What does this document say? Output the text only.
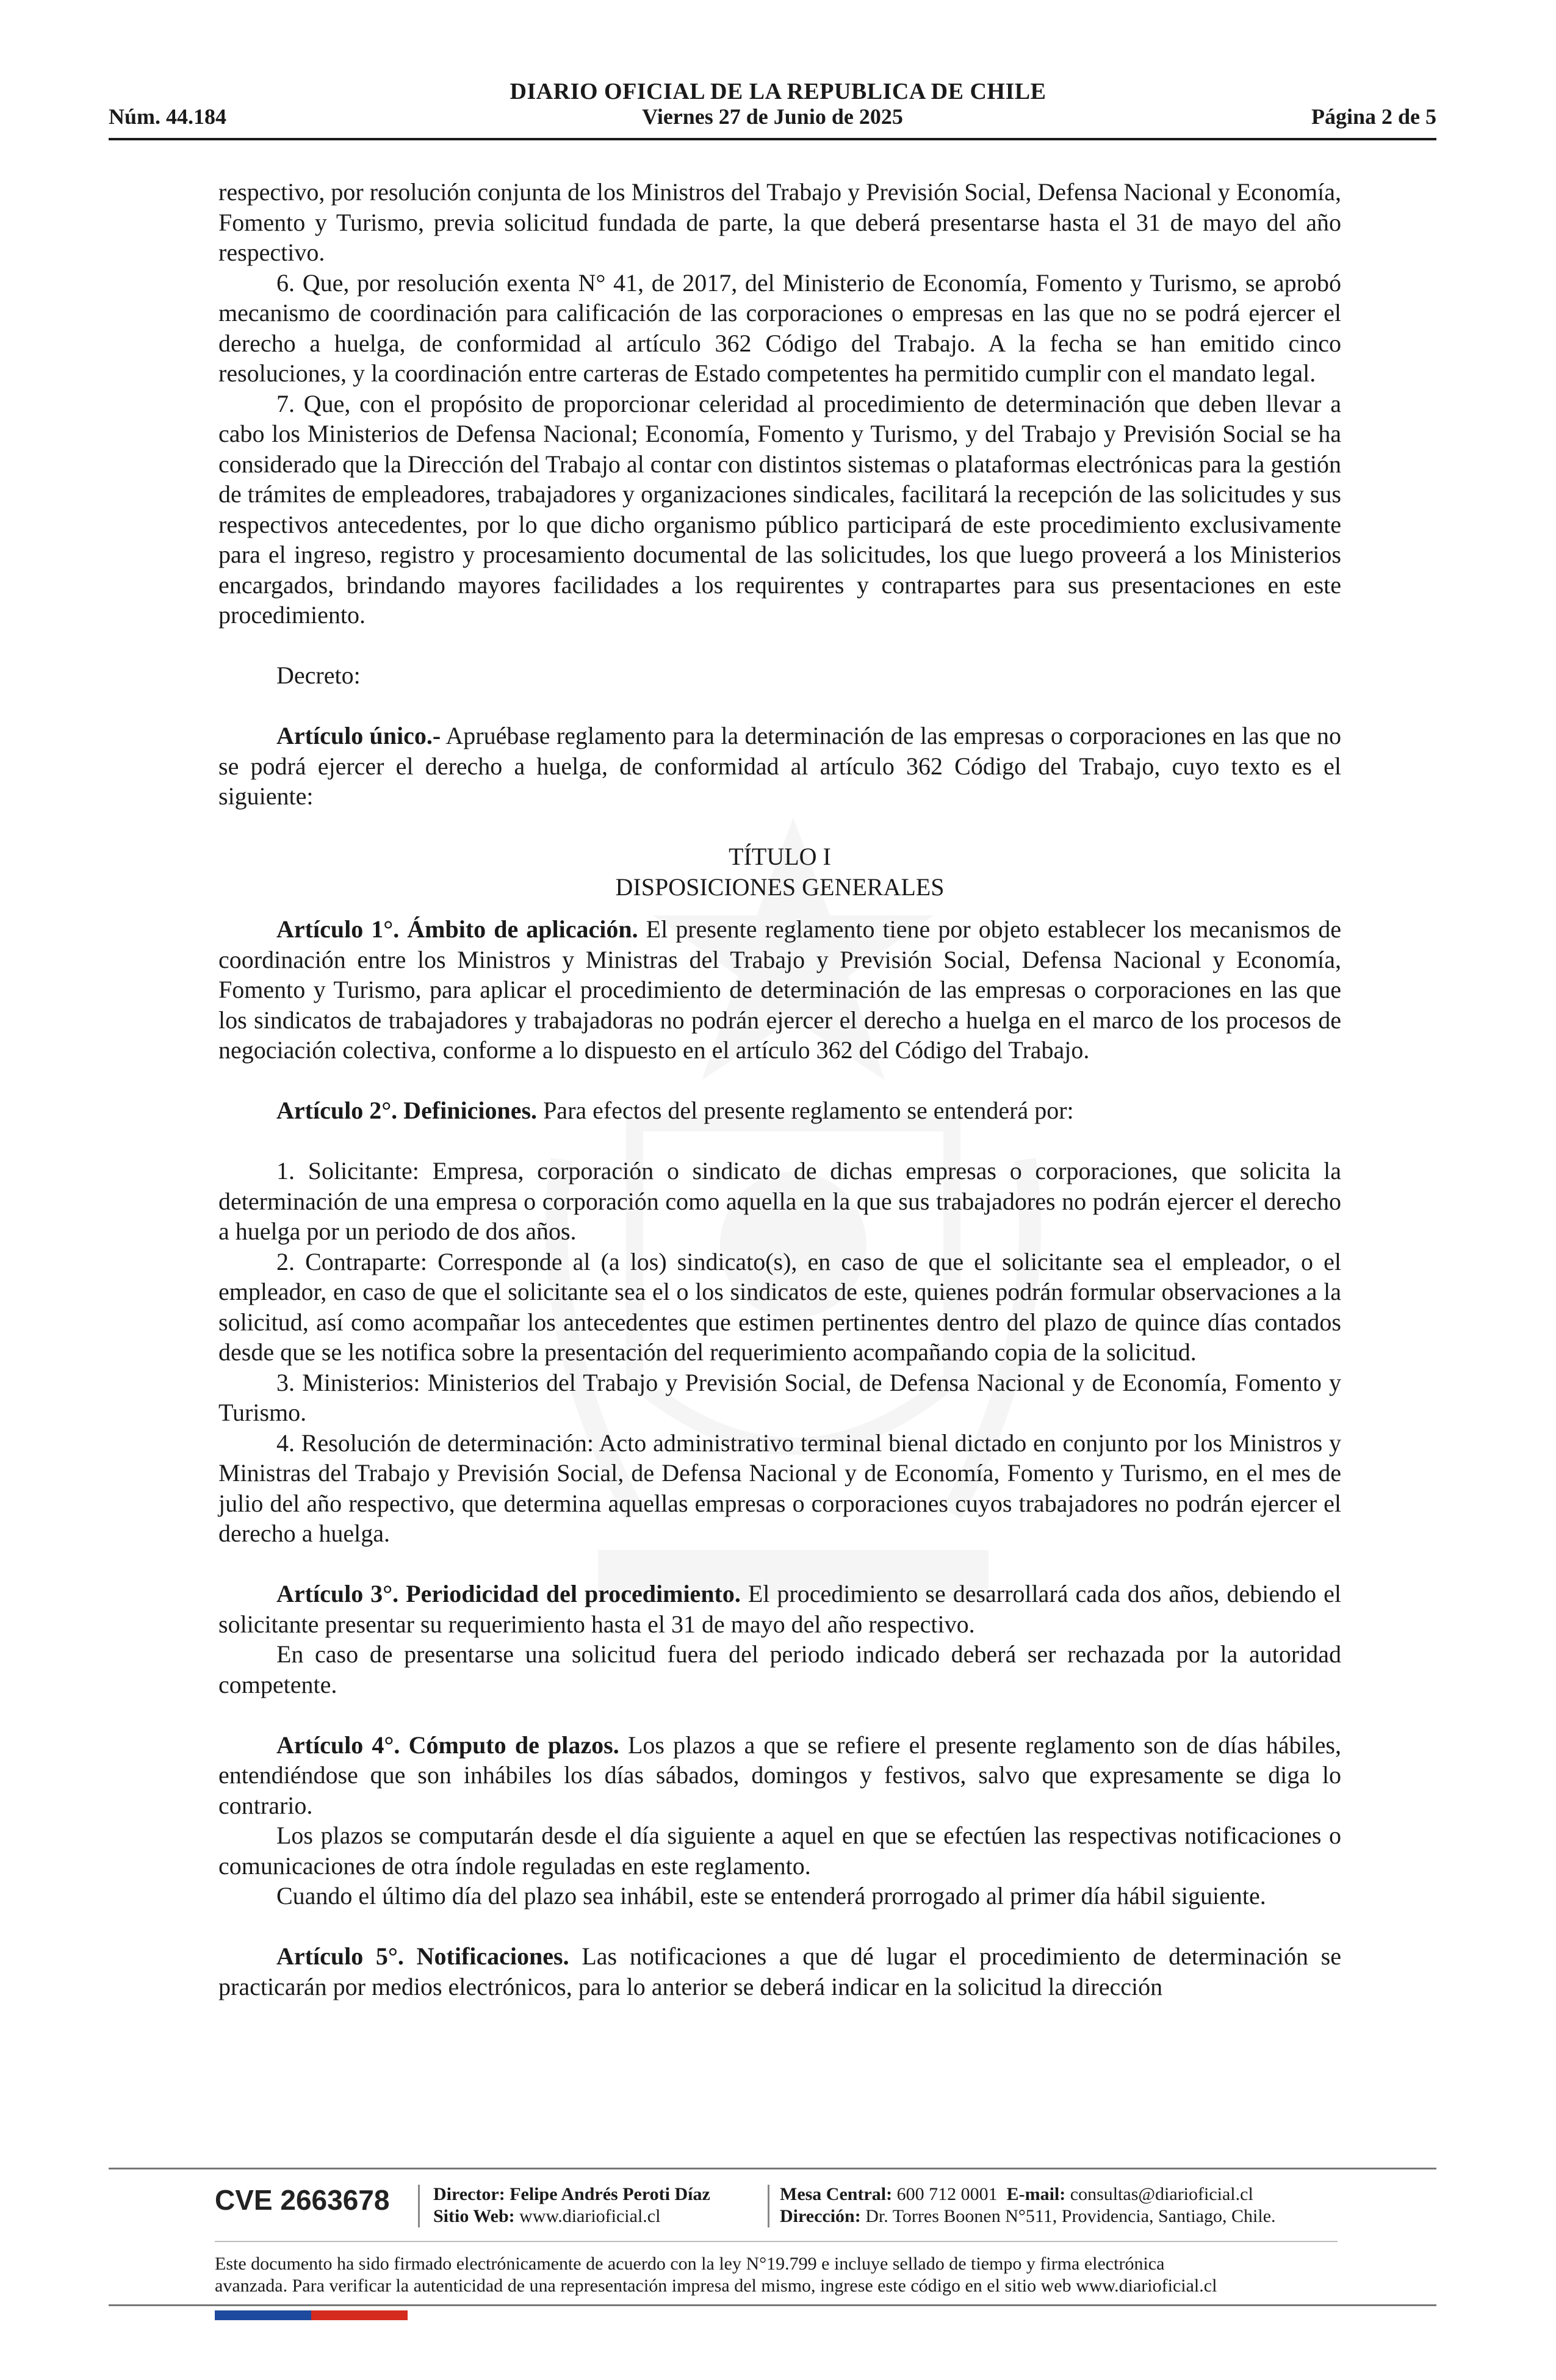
DIARIO OFICIAL DE LA REPUBLICA DE CHILE
Núm. 44.184	Viernes 27 de Junio de 2025	Página 2 de 5

respectivo, por resolución conjunta de los Ministros del Trabajo y Previsión Social, Defensa Nacional y Economía, Fomento y Turismo, previa solicitud fundada de parte, la que deberá presentarse hasta el 31 de mayo del año respectivo.

6. Que, por resolución exenta N° 41, de 2017, del Ministerio de Economía, Fomento y Turismo, se aprobó mecanismo de coordinación para calificación de las corporaciones o empresas en las que no se podrá ejercer el derecho a huelga, de conformidad al artículo 362 Código del Trabajo. A la fecha se han emitido cinco resoluciones, y la coordinación entre carteras de Estado competentes ha permitido cumplir con el mandato legal.

7. Que, con el propósito de proporcionar celeridad al procedimiento de determinación que deben llevar a cabo los Ministerios de Defensa Nacional; Economía, Fomento y Turismo, y del Trabajo y Previsión Social se ha considerado que la Dirección del Trabajo al contar con distintos sistemas o plataformas electrónicas para la gestión de trámites de empleadores, trabajadores y organizaciones sindicales, facilitará la recepción de las solicitudes y sus respectivos antecedentes, por lo que dicho organismo público participará de este procedimiento exclusivamente para el ingreso, registro y procesamiento documental de las solicitudes, los que luego proveerá a los Ministerios encargados, brindando mayores facilidades a los requirentes y contrapartes para sus presentaciones en este procedimiento.

Decreto:

Artículo único.- Apruébase reglamento para la determinación de las empresas o corporaciones en las que no se podrá ejercer el derecho a huelga, de conformidad al artículo 362 Código del Trabajo, cuyo texto es el siguiente:

TÍTULO I

DISPOSICIONES GENERALES

Artículo 1°. Ámbito de aplicación. El presente reglamento tiene por objeto establecer los mecanismos de coordinación entre los Ministros y Ministras del Trabajo y Previsión Social, Defensa Nacional y Economía, Fomento y Turismo, para aplicar el procedimiento de determinación de las empresas o corporaciones en las que los sindicatos de trabajadores y trabajadoras no podrán ejercer el derecho a huelga en el marco de los procesos de negociación colectiva, conforme a lo dispuesto en el artículo 362 del Código del Trabajo.

Artículo 2°. Definiciones. Para efectos del presente reglamento se entenderá por:

1. Solicitante: Empresa, corporación o sindicato de dichas empresas o corporaciones, que solicita la determinación de una empresa o corporación como aquella en la que sus trabajadores no podrán ejercer el derecho a huelga por un periodo de dos años.

2. Contraparte: Corresponde al (a los) sindicato(s), en caso de que el solicitante sea el empleador, o el empleador, en caso de que el solicitante sea el o los sindicatos de este, quienes podrán formular observaciones a la solicitud, así como acompañar los antecedentes que estimen pertinentes dentro del plazo de quince días contados desde que se les notifica sobre la presentación del requerimiento acompañando copia de la solicitud.

3. Ministerios: Ministerios del Trabajo y Previsión Social, de Defensa Nacional y de Economía, Fomento y Turismo.

4. Resolución de determinación: Acto administrativo terminal bienal dictado en conjunto por los Ministros y Ministras del Trabajo y Previsión Social, de Defensa Nacional y de Economía, Fomento y Turismo, en el mes de julio del año respectivo, que determina aquellas empresas o corporaciones cuyos trabajadores no podrán ejercer el derecho a huelga.

Artículo 3°. Periodicidad del procedimiento. El procedimiento se desarrollará cada dos años, debiendo el solicitante presentar su requerimiento hasta el 31 de mayo del año respectivo.

En caso de presentarse una solicitud fuera del periodo indicado deberá ser rechazada por la autoridad competente.

Artículo 4°. Cómputo de plazos. Los plazos a que se refiere el presente reglamento son de días hábiles, entendiéndose que son inhábiles los días sábados, domingos y festivos, salvo que expresamente se diga lo contrario.

Los plazos se computarán desde el día siguiente a aquel en que se efectúen las respectivas notificaciones o comunicaciones de otra índole reguladas en este reglamento.

Cuando el último día del plazo sea inhábil, este se entenderá prorrogado al primer día hábil siguiente.

Artículo 5°. Notificaciones. Las notificaciones a que dé lugar el procedimiento de determinación se practicarán por medios electrónicos, para lo anterior se deberá indicar en la solicitud la dirección

CVE 2663678 Director: Felipe Andrés Peroti Díaz
Sitio Web: www.diarioficial.cl
Mesa Central: 600 712 0001 E-mail: consultas@diarioficial.cl
Dirección: Dr. Torres Boonen N°511, Providencia, Santiago, Chile.
Este documento ha sido firmado electrónicamente de acuerdo con la ley N°19.799 e incluye sellado de tiempo y firma electrónica
avanzada. Para verificar la autenticidad de una representación impresa del mismo, ingrese este código en el sitio web www.diarioficial.cl
